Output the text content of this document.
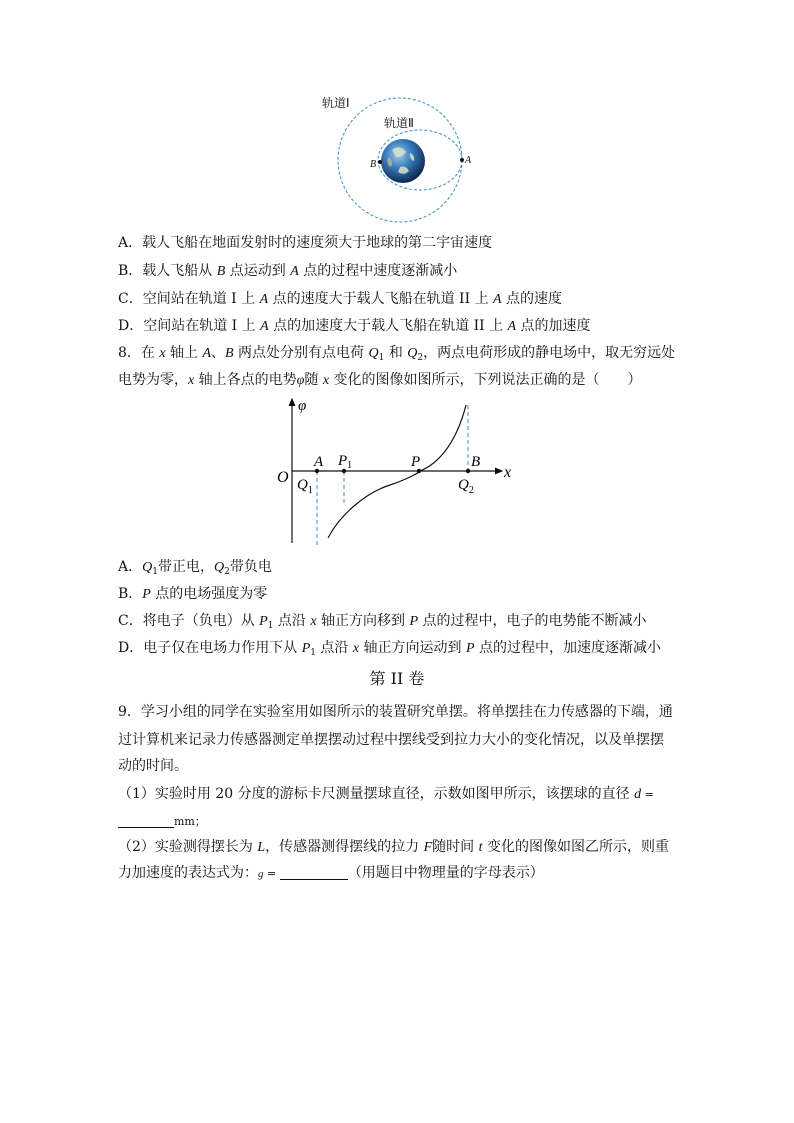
轨道Ⅰ
轨道Ⅱ
A
B
A．载人飞船在地面发射时的速度须大于地球的第二宇宙速度
B．载人飞船从 B 点运动到 A 点的过程中速度逐渐减小
C．空间站在轨道 I 上 A 点的速度大于载人飞船在轨道 II 上 A 点的速度
D．空间站在轨道 I 上 A 点的加速度大于载人飞船在轨道 II 上 A 点的加速度
8．在 x 轴上 A、B 两点处分别有点电荷 $Q_1$ 和 $Q_2$，两点电荷形成的静电场中，取无穷远处
电势为零，x 轴上各点的电势φ随 x 变化的图像如图所示，下列说法正确的是（　　）
φ
x
O
A $P_1$	P	B
$Q_1$	$Q_2$
A．$Q_1$带正电，$Q_2$带负电
B．P 点的电场强度为零
C．将电子（负电）从 $P_1$ 点沿 x 轴正方向移到 P 点的过程中，电子的电势能不断减小
D．电子仅在电场力作用下从 $P_1$ 点沿 x 轴正方向运动到 P 点的过程中，加速度逐渐减小
第 II 卷
9．学习小组的同学在实验室用如图所示的装置研究单摆。将单摆挂在力传感器的下端，通
过计算机来记录力传感器测定单摆摆动过程中摆线受到拉力大小的变化情况，以及单摆摆
动的时间。
（1）实验时用 20 分度的游标卡尺测量摆球直径，示数如图甲所示，该摆球的直径 d =
mm；
（2）实验测得摆长为 L，传感器测得摆线的拉力 F随时间 t 变化的图像如图乙所示，则重
力加速度的表达式为：g =	（用题目中物理量的字母表示）
